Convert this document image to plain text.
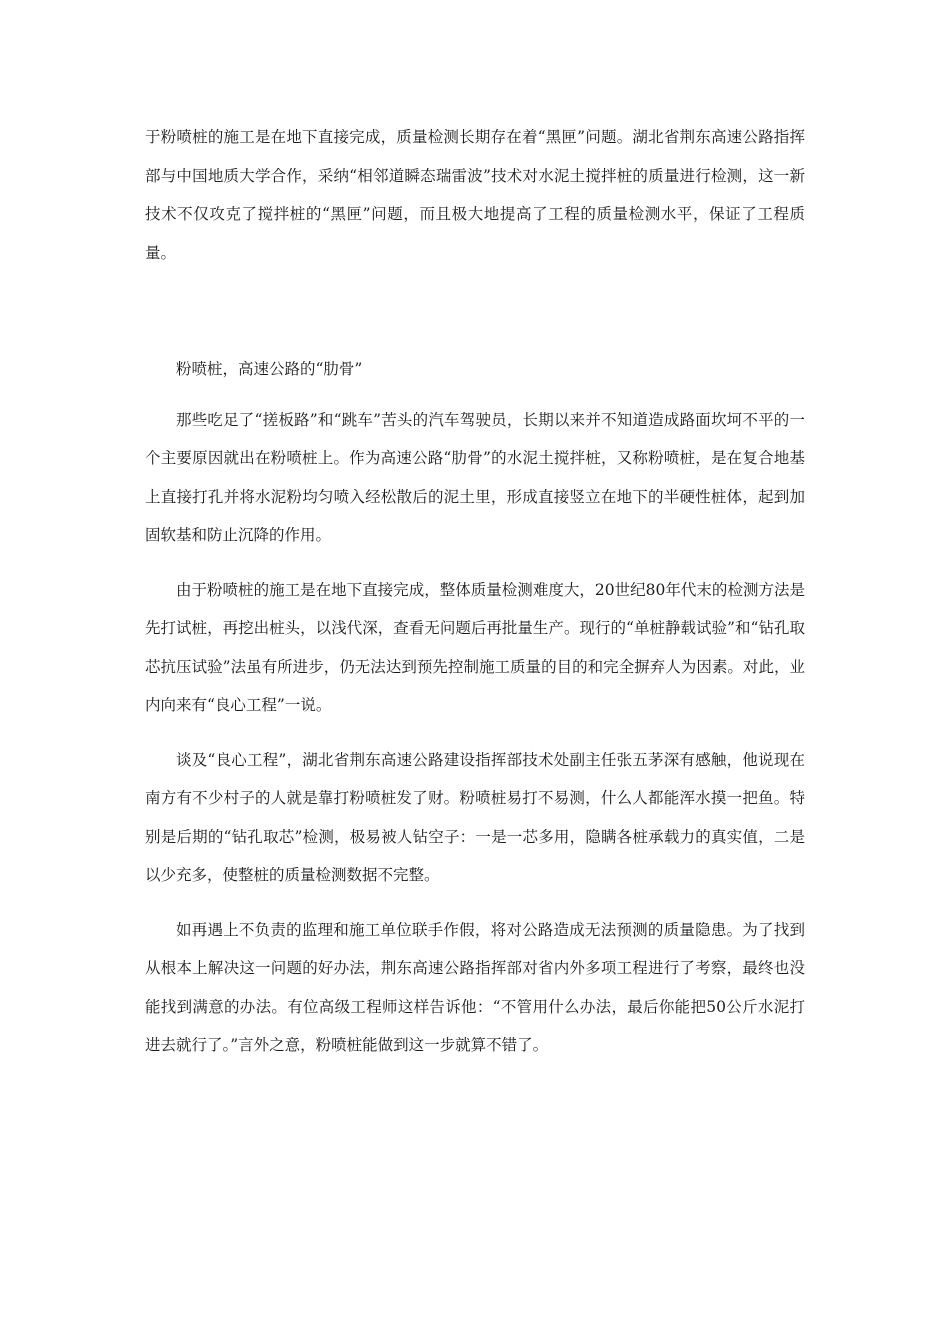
于粉喷桩的施工是在地下直接完成，质量检测长期存在着“黑匣”问题。湖北省荆东高速公路指挥部与中国地质大学合作，采纳“相邻道瞬态瑞雷波”技术对水泥土搅拌桩的质量进行检测，这一新技术不仅攻克了搅拌桩的“黑匣”问题，而且极大地提高了工程的质量检测水平，保证了工程质量。

粉喷桩，高速公路的“肋骨”

那些吃足了“搓板路”和“跳车”苦头的汽车驾驶员，长期以来并不知道造成路面坎坷不平的一个主要原因就出在粉喷桩上。作为高速公路“肋骨”的水泥土搅拌桩，又称粉喷桩，是在复合地基上直接打孔并将水泥粉均匀喷入经松散后的泥土里，形成直接竖立在地下的半硬性桩体，起到加固软基和防止沉降的作用。

由于粉喷桩的施工是在地下直接完成，整体质量检测难度大，20世纪80年代末的检测方法是先打试桩，再挖出桩头，以浅代深，查看无问题后再批量生产。现行的“单桩静载试验”和“钻孔取芯抗压试验”法虽有所进步，仍无法达到预先控制施工质量的目的和完全摒弃人为因素。对此，业内向来有“良心工程”一说。

谈及“良心工程”，湖北省荆东高速公路建设指挥部技术处副主任张五茅深有感触，他说现在南方有不少村子的人就是靠打粉喷桩发了财。粉喷桩易打不易测，什么人都能浑水摸一把鱼。特别是后期的“钻孔取芯”检测，极易被人钻空子：一是一芯多用，隐瞒各桩承载力的真实值，二是以少充多，使整桩的质量检测数据不完整。

如再遇上不负责的监理和施工单位联手作假，将对公路造成无法预测的质量隐患。为了找到从根本上解决这一问题的好办法，荆东高速公路指挥部对省内外多项工程进行了考察，最终也没能找到满意的办法。有位高级工程师这样告诉他：“不管用什么办法，最后你能把50公斤水泥打进去就行了。”言外之意，粉喷桩能做到这一步就算不错了。
